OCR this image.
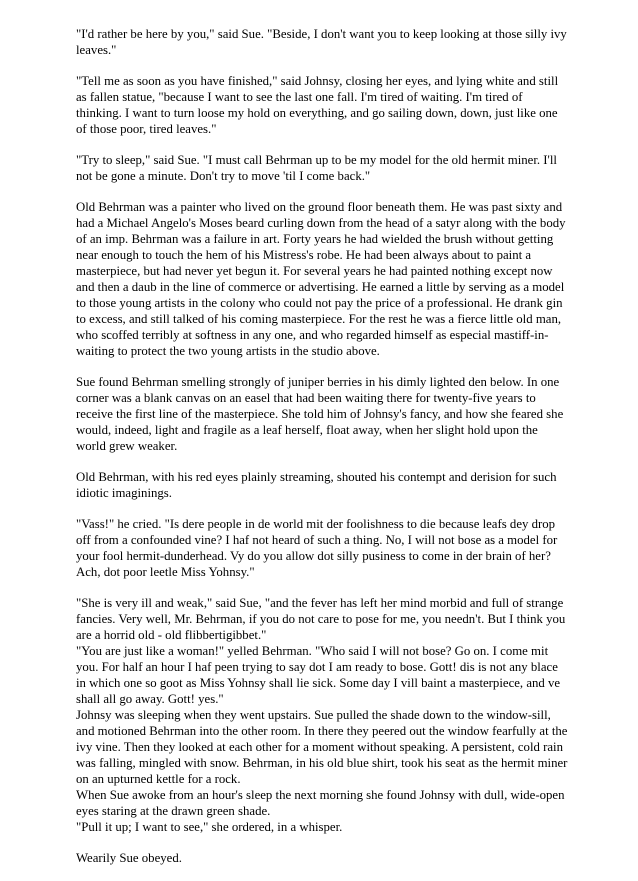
"I'd rather be here by you," said Sue. "Beside, I don't want you to keep looking at those silly ivy leaves."

"Tell me as soon as you have finished," said Johnsy, closing her eyes, and lying white and still as fallen statue, "because I want to see the last one fall. I'm tired of waiting. I'm tired of thinking. I want to turn loose my hold on everything, and go sailing down, down, just like one of those poor, tired leaves."

"Try to sleep," said Sue. "I must call Behrman up to be my model for the old hermit miner. I'll not be gone a minute. Don't try to move 'til I come back."

Old Behrman was a painter who lived on the ground floor beneath them. He was past sixty and had a Michael Angelo's Moses beard curling down from the head of a satyr along with the body of an imp. Behrman was a failure in art. Forty years he had wielded the brush without getting near enough to touch the hem of his Mistress's robe. He had been always about to paint a masterpiece, but had never yet begun it. For several years he had painted nothing except now and then a daub in the line of commerce or advertising. He earned a little by serving as a model to those young artists in the colony who could not pay the price of a professional. He drank gin to excess, and still talked of his coming masterpiece. For the rest he was a fierce little old man, who scoffed terribly at softness in any one, and who regarded himself as especial mastiff-in-waiting to protect the two young artists in the studio above.

Sue found Behrman smelling strongly of juniper berries in his dimly lighted den below. In one corner was a blank canvas on an easel that had been waiting there for twenty-five years to receive the first line of the masterpiece. She told him of Johnsy's fancy, and how she feared she would, indeed, light and fragile as a leaf herself, float away, when her slight hold upon the world grew weaker.

Old Behrman, with his red eyes plainly streaming, shouted his contempt and derision for such idiotic imaginings.

"Vass!" he cried. "Is dere people in de world mit der foolishness to die because leafs dey drop off from a confounded vine? I haf not heard of such a thing. No, I will not bose as a model for your fool hermit-dunderhead. Vy do you allow dot silly pusiness to come in der brain of her? Ach, dot poor leetle Miss Yohnsy."

"She is very ill and weak," said Sue, "and the fever has left her mind morbid and full of strange fancies. Very well, Mr. Behrman, if you do not care to pose for me, you needn't. But I think you are a horrid old - old flibbertigibbet."

"You are just like a woman!" yelled Behrman. "Who said I will not bose? Go on. I come mit you. For half an hour I haf peen trying to say dot I am ready to bose. Gott! dis is not any blace in which one so goot as Miss Yohnsy shall lie sick. Some day I vill baint a masterpiece, and ve shall all go away. Gott! yes."

Johnsy was sleeping when they went upstairs. Sue pulled the shade down to the window-sill, and motioned Behrman into the other room. In there they peered out the window fearfully at the ivy vine. Then they looked at each other for a moment without speaking. A persistent, cold rain was falling, mingled with snow. Behrman, in his old blue shirt, took his seat as the hermit miner on an upturned kettle for a rock.

When Sue awoke from an hour's sleep the next morning she found Johnsy with dull, wide-open eyes staring at the drawn green shade.

"Pull it up; I want to see," she ordered, in a whisper.

Wearily Sue obeyed.
